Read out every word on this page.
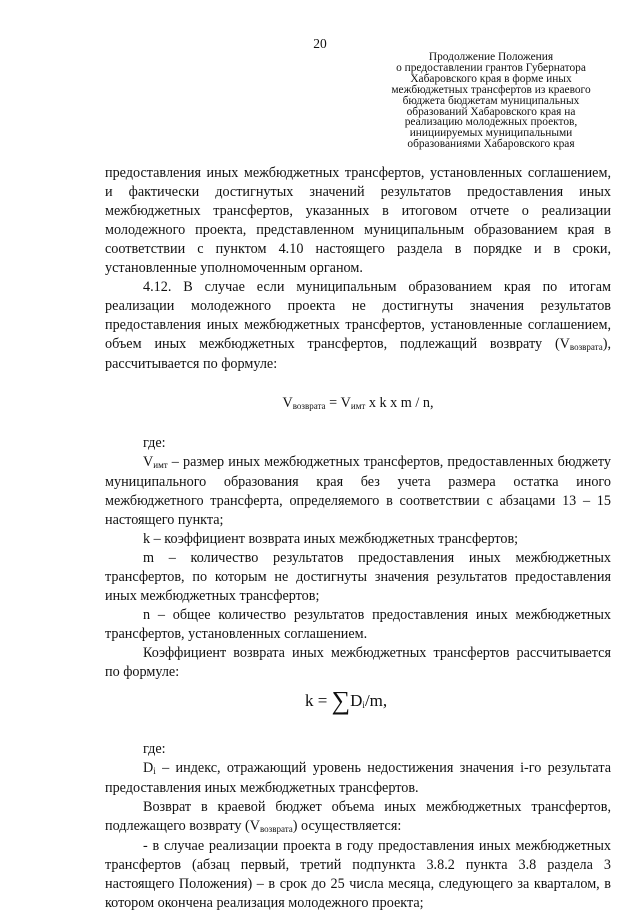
20
Продолжение Положения
о предоставлении грантов Губернатора
Хабаровского края в форме иных
межбюджетных трансфертов из краевого
бюджета бюджетам муниципальных
образований Хабаровского края на
реализацию молодежных проектов,
инициируемых муниципальными
образованиями Хабаровского края

предоставления иных межбюджетных трансфертов, установленных соглашением, и фактически достигнутых значений результатов предоставления иных межбюджетных трансфертов, указанных в итоговом отчете о реализации молодежного проекта, представленном муниципальным образованием края в соответствии с пунктом 4.10 настоящего раздела в порядке и в сроки, установленные уполномоченным органом.

4.12. В случае если муниципальным образованием края по итогам реализации молодежного проекта не достигнуты значения результатов предоставления иных межбюджетных трансфертов, установленные соглашением, объем иных межбюджетных трансфертов, подлежащий возврату $(V_{возврата})$, рассчитывается по формуле:

$V_{возврата} = V_{имт}$ x k x m / n,

где:

$V_{имт}$ – размер иных межбюджетных трансфертов, предоставленных бюджету муниципального образования края без учета размера остатка иного межбюджетного трансферта, определяемого в соответствии с абзацами 13 – 15 настоящего пункта;

k – коэффициент возврата иных межбюджетных трансфертов;

m – количество результатов предоставления иных межбюджетных трансфертов, по которым не достигнуты значения результатов предоставления иных межбюджетных трансфертов;

n – общее количество результатов предоставления иных межбюджетных трансфертов, установленных соглашением.

Коэффициент возврата иных межбюджетных трансфертов рассчитывается по формуле:

$k = \sum D_i/m$,

где:

$D_i$ – индекс, отражающий уровень недостижения значения i-го результата предоставления иных межбюджетных трансфертов.

Возврат в краевой бюджет объема иных межбюджетных трансфертов, подлежащего возврату $(V_{возврата})$ осуществляется:

- в случае реализации проекта в году предоставления иных межбюджетных трансфертов (абзац первый, третий подпункта 3.8.2 пункта 3.8 раздела 3 настоящего Положения) – в срок до 25 числа месяца, следующего за кварталом, в котором окончена реализация молодежного проекта;
